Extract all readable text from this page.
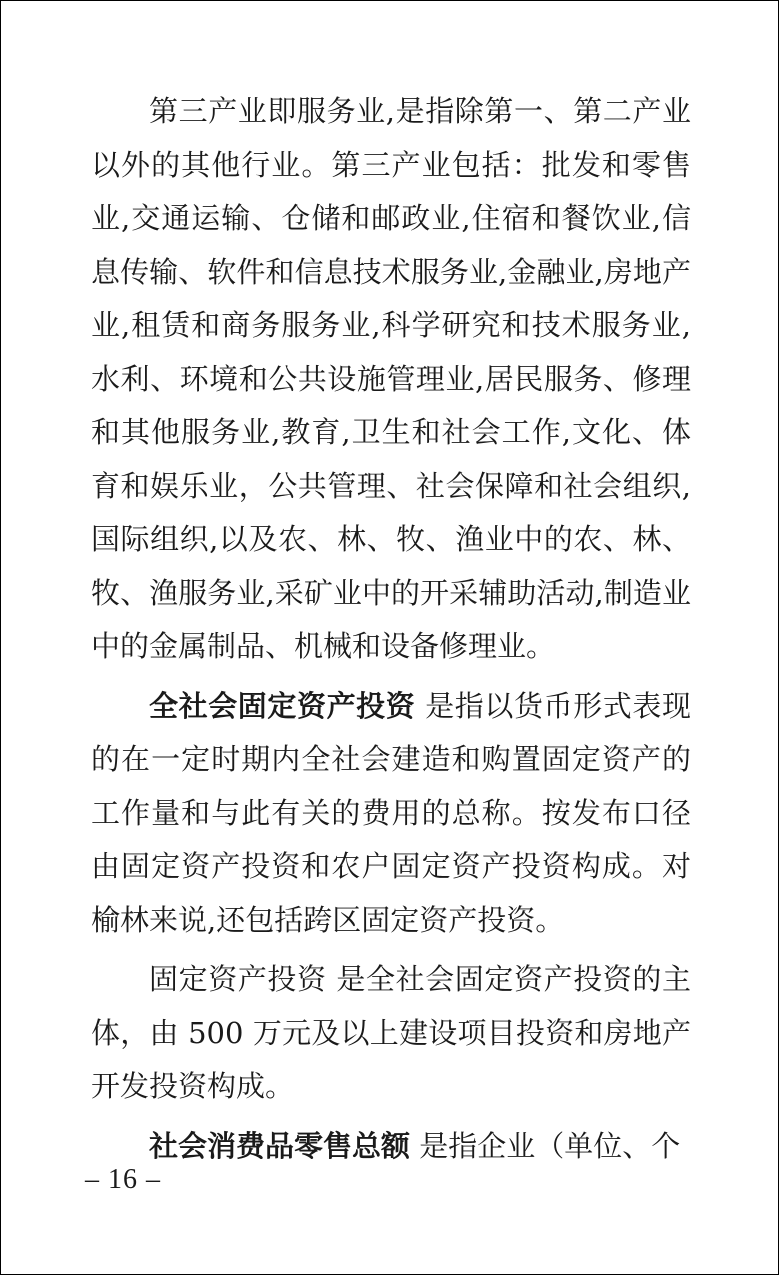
第三产业即服务业,是指除第一、第二产业以外的其他行业。第三产业包括：批发和零售业,交通运输、仓储和邮政业,住宿和餐饮业,信息传输、软件和信息技术服务业,金融业,房地产业,租赁和商务服务业,科学研究和技术服务业,水利、环境和公共设施管理业,居民服务、修理和其他服务业,教育,卫生和社会工作,文化、体育和娱乐业，公共管理、社会保障和社会组织,国际组织,以及农、林、牧、渔业中的农、林、牧、渔服务业,采矿业中的开采辅助活动,制造业中的金属制品、机械和设备修理业。

全社会固定资产投资 是指以货币形式表现的在一定时期内全社会建造和购置固定资产的工作量和与此有关的费用的总称。按发布口径由固定资产投资和农户固定资产投资构成。对榆林来说,还包括跨区固定资产投资。

固定资产投资 是全社会固定资产投资的主体，由 500 万元及以上建设项目投资和房地产开发投资构成。

社会消费品零售总额 是指企业（单位、个

– 16 –
